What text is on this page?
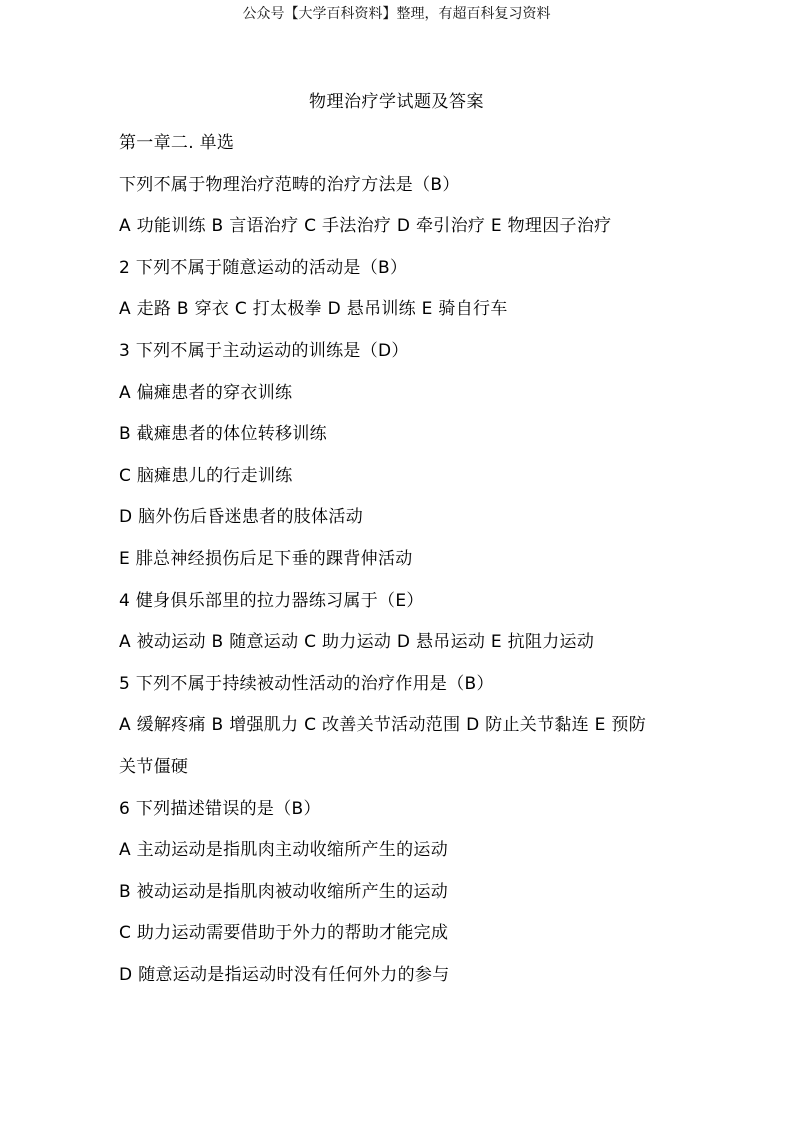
公众号【大学百科资料】整理，有超百科复习资料
物理治疗学试题及答案
第一章二. 单选
下列不属于物理治疗范畴的治疗方法是（B）
A 功能训练 B 言语治疗 C 手法治疗 D 牵引治疗 E 物理因子治疗
2 下列不属于随意运动的活动是（B）
A 走路 B 穿衣 C 打太极拳 D 悬吊训练 E 骑自行车
3 下列不属于主动运动的训练是（D）
A 偏瘫患者的穿衣训练
B 截瘫患者的体位转移训练
C 脑瘫患儿的行走训练
D 脑外伤后昏迷患者的肢体活动
E 腓总神经损伤后足下垂的踝背伸活动
4 健身俱乐部里的拉力器练习属于（E）
A 被动运动 B 随意运动 C 助力运动 D 悬吊运动 E 抗阻力运动
5 下列不属于持续被动性活动的治疗作用是（B）
A 缓解疼痛 B 增强肌力 C 改善关节活动范围 D 防止关节黏连 E 预防
关节僵硬
6 下列描述错误的是（B）
A 主动运动是指肌肉主动收缩所产生的运动
B 被动运动是指肌肉被动收缩所产生的运动
C 助力运动需要借助于外力的帮助才能完成
D 随意运动是指运动时没有任何外力的参与
